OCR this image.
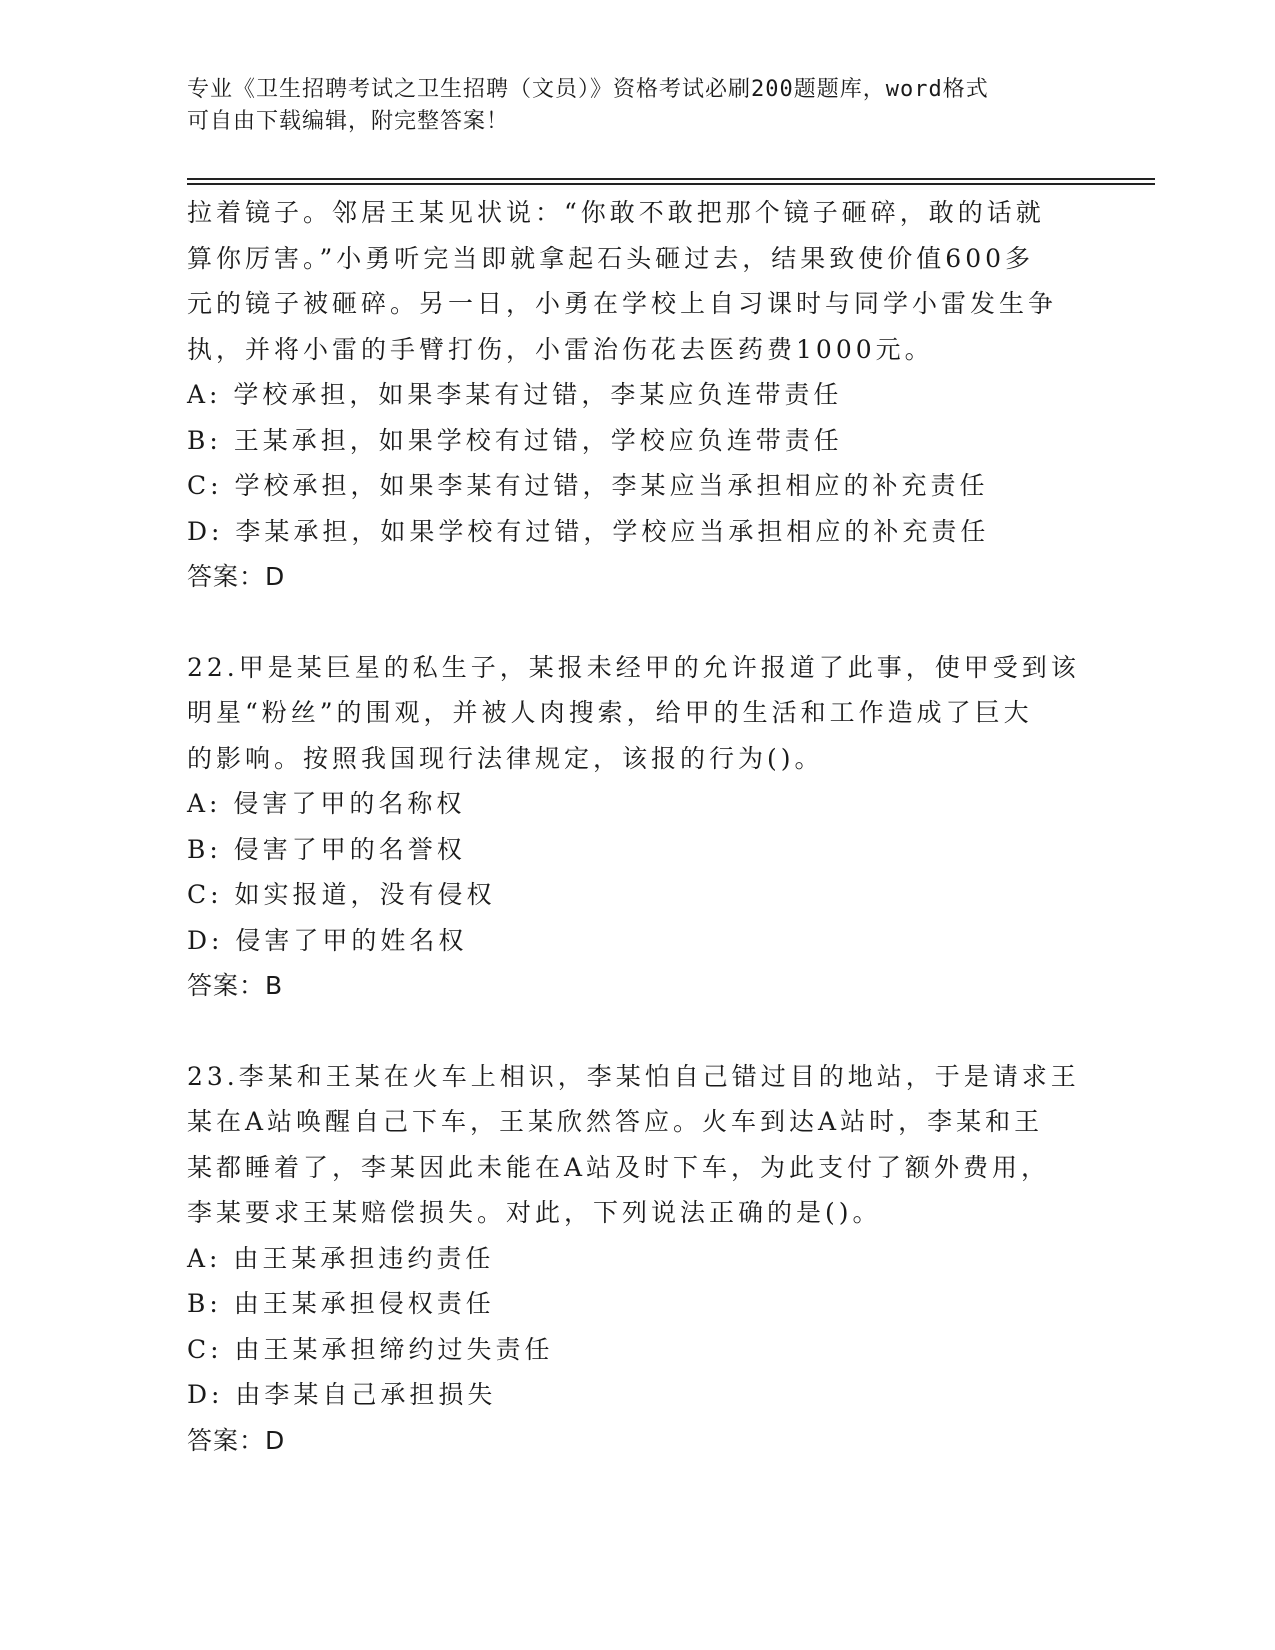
专业《卫生招聘考试之卫生招聘（文员）》资格考试必刷200题题库，word格式
可自由下载编辑，附完整答案！
拉着镜子。邻居王某见状说：“你敢不敢把那个镜子砸碎，敢的话就
算你厉害。”小勇听完当即就拿起石头砸过去，结果致使价值600多
元的镜子被砸碎。另一日，小勇在学校上自习课时与同学小雷发生争
执，并将小雷的手臂打伤，小雷治伤花去医药费1000元。
A: 学校承担，如果李某有过错，李某应负连带责任
B: 王某承担，如果学校有过错，学校应负连带责任
C: 学校承担，如果李某有过错，李某应当承担相应的补充责任
D: 李某承担，如果学校有过错，学校应当承担相应的补充责任
答案：D
22.甲是某巨星的私生子，某报未经甲的允许报道了此事，使甲受到该
明星“粉丝”的围观，并被人肉搜索，给甲的生活和工作造成了巨大
的影响。按照我国现行法律规定，该报的行为()。
A: 侵害了甲的名称权
B: 侵害了甲的名誉权
C: 如实报道，没有侵权
D: 侵害了甲的姓名权
答案：B
23.李某和王某在火车上相识，李某怕自己错过目的地站，于是请求王
某在A站唤醒自己下车，王某欣然答应。火车到达A站时，李某和王
某都睡着了，李某因此未能在A站及时下车，为此支付了额外费用，
李某要求王某赔偿损失。对此，下列说法正确的是()。
A: 由王某承担违约责任
B: 由王某承担侵权责任
C: 由王某承担缔约过失责任
D: 由李某自己承担损失
答案：D
